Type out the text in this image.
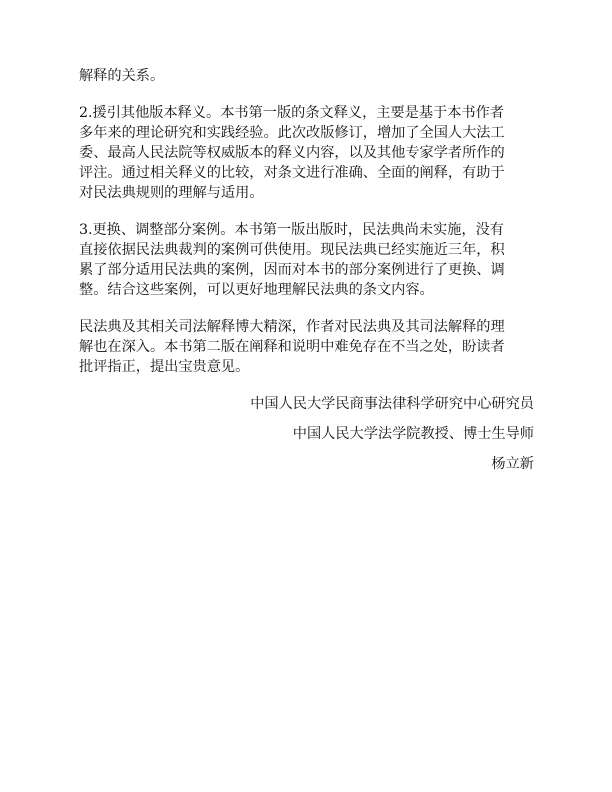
解释的关系。

2.援引其他版本释义。本书第一版的条文释义，主要是基于本书作者
多年来的理论研究和实践经验。此次改版修订，增加了全国人大法工
委、最高人民法院等权威版本的释义内容，以及其他专家学者所作的
评注。通过相关释义的比较，对条文进行准确、全面的阐释，有助于
对民法典规则的理解与适用。

3.更换、调整部分案例。本书第一版出版时，民法典尚未实施，没有
直接依据民法典裁判的案例可供使用。现民法典已经实施近三年，积
累了部分适用民法典的案例，因而对本书的部分案例进行了更换、调
整。结合这些案例，可以更好地理解民法典的条文内容。

民法典及其相关司法解释博大精深，作者对民法典及其司法解释的理
解也在深入。本书第二版在阐释和说明中难免存在不当之处，盼读者
批评指正，提出宝贵意见。

中国人民大学民商事法律科学研究中心研究员

中国人民大学法学院教授、博士生导师

杨立新
